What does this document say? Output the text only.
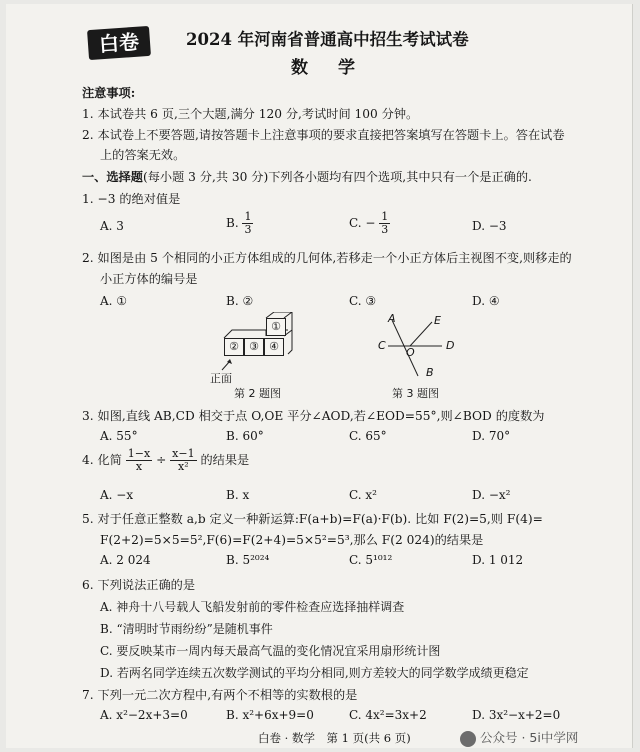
白卷	2024 年河南省普通高中招生考试试卷
数学
注意事项:
1. 本试卷共 6 页,三个大题,满分 120 分,考试时间 100 分钟。
2. 本试卷上不要答题,请按答题卡上注意事项的要求直接把答案填写在答题卡上。答在试卷
上的答案无效。
一、选择题(每小题 3 分,共 30 分)下列各小题均有四个选项,其中只有一个是正确的.
1. −3 的绝对值是
A. 3	B. $\frac{1}{3}$	C. − $\frac{1}{3}$	D. −3
2. 如图是由 5 个相同的小正方体组成的几何体,若移走一个小正方体后主视图不变,则移走的
小正方体的编号是
A. ①	B. ②	C. ③	D. ④
② ③ ④
①
正面
第 2 题图
A	E
C
O
D
B
第 3 题图
3. 如图,直线 AB,CD 相交于点 O,OE 平分∠AOD,若∠EOD=55°,则∠BOD 的度数为
A. 55°	B. 60°	C. 65°	D. 70°
4. 化简 $\frac{1-x}{x} \div \frac{x-1}{\text{x²}}$ 的结果是
A. −x	B. x	C. x²	D. −x²
5. 对于任意正整数 a,b 定义一种新运算:F(a+b)=F(a)·F(b). 比如 F(2)=5,则 F(4)=
F(2+2)=5×5=5²,F(6)=F(2+4)=5×5²=5³,那么 F(2 024)的结果是
A. 2 024	B. 5²⁰²⁴	C. 5¹⁰¹²	D. 1 012
6. 下列说法正确的是
A. 神舟十八号载人飞船发射前的零件检查应选择抽样调查
B. “清明时节雨纷纷”是随机事件
C. 要反映某市一周内每天最高气温的变化情况宜采用扇形统计图
D. 若两名同学连续五次数学测试的平均分相同,则方差较大的同学数学成绩更稳定
7. 下列一元二次方程中,有两个不相等的实数根的是
A. x²−2x+3=0	B. x²+6x+9=0	C. 4x²=3x+2	D. 3x²−x+2=0
白卷 · 数学　第 1 页(共 6 页)	公众号 · 5i中学网
